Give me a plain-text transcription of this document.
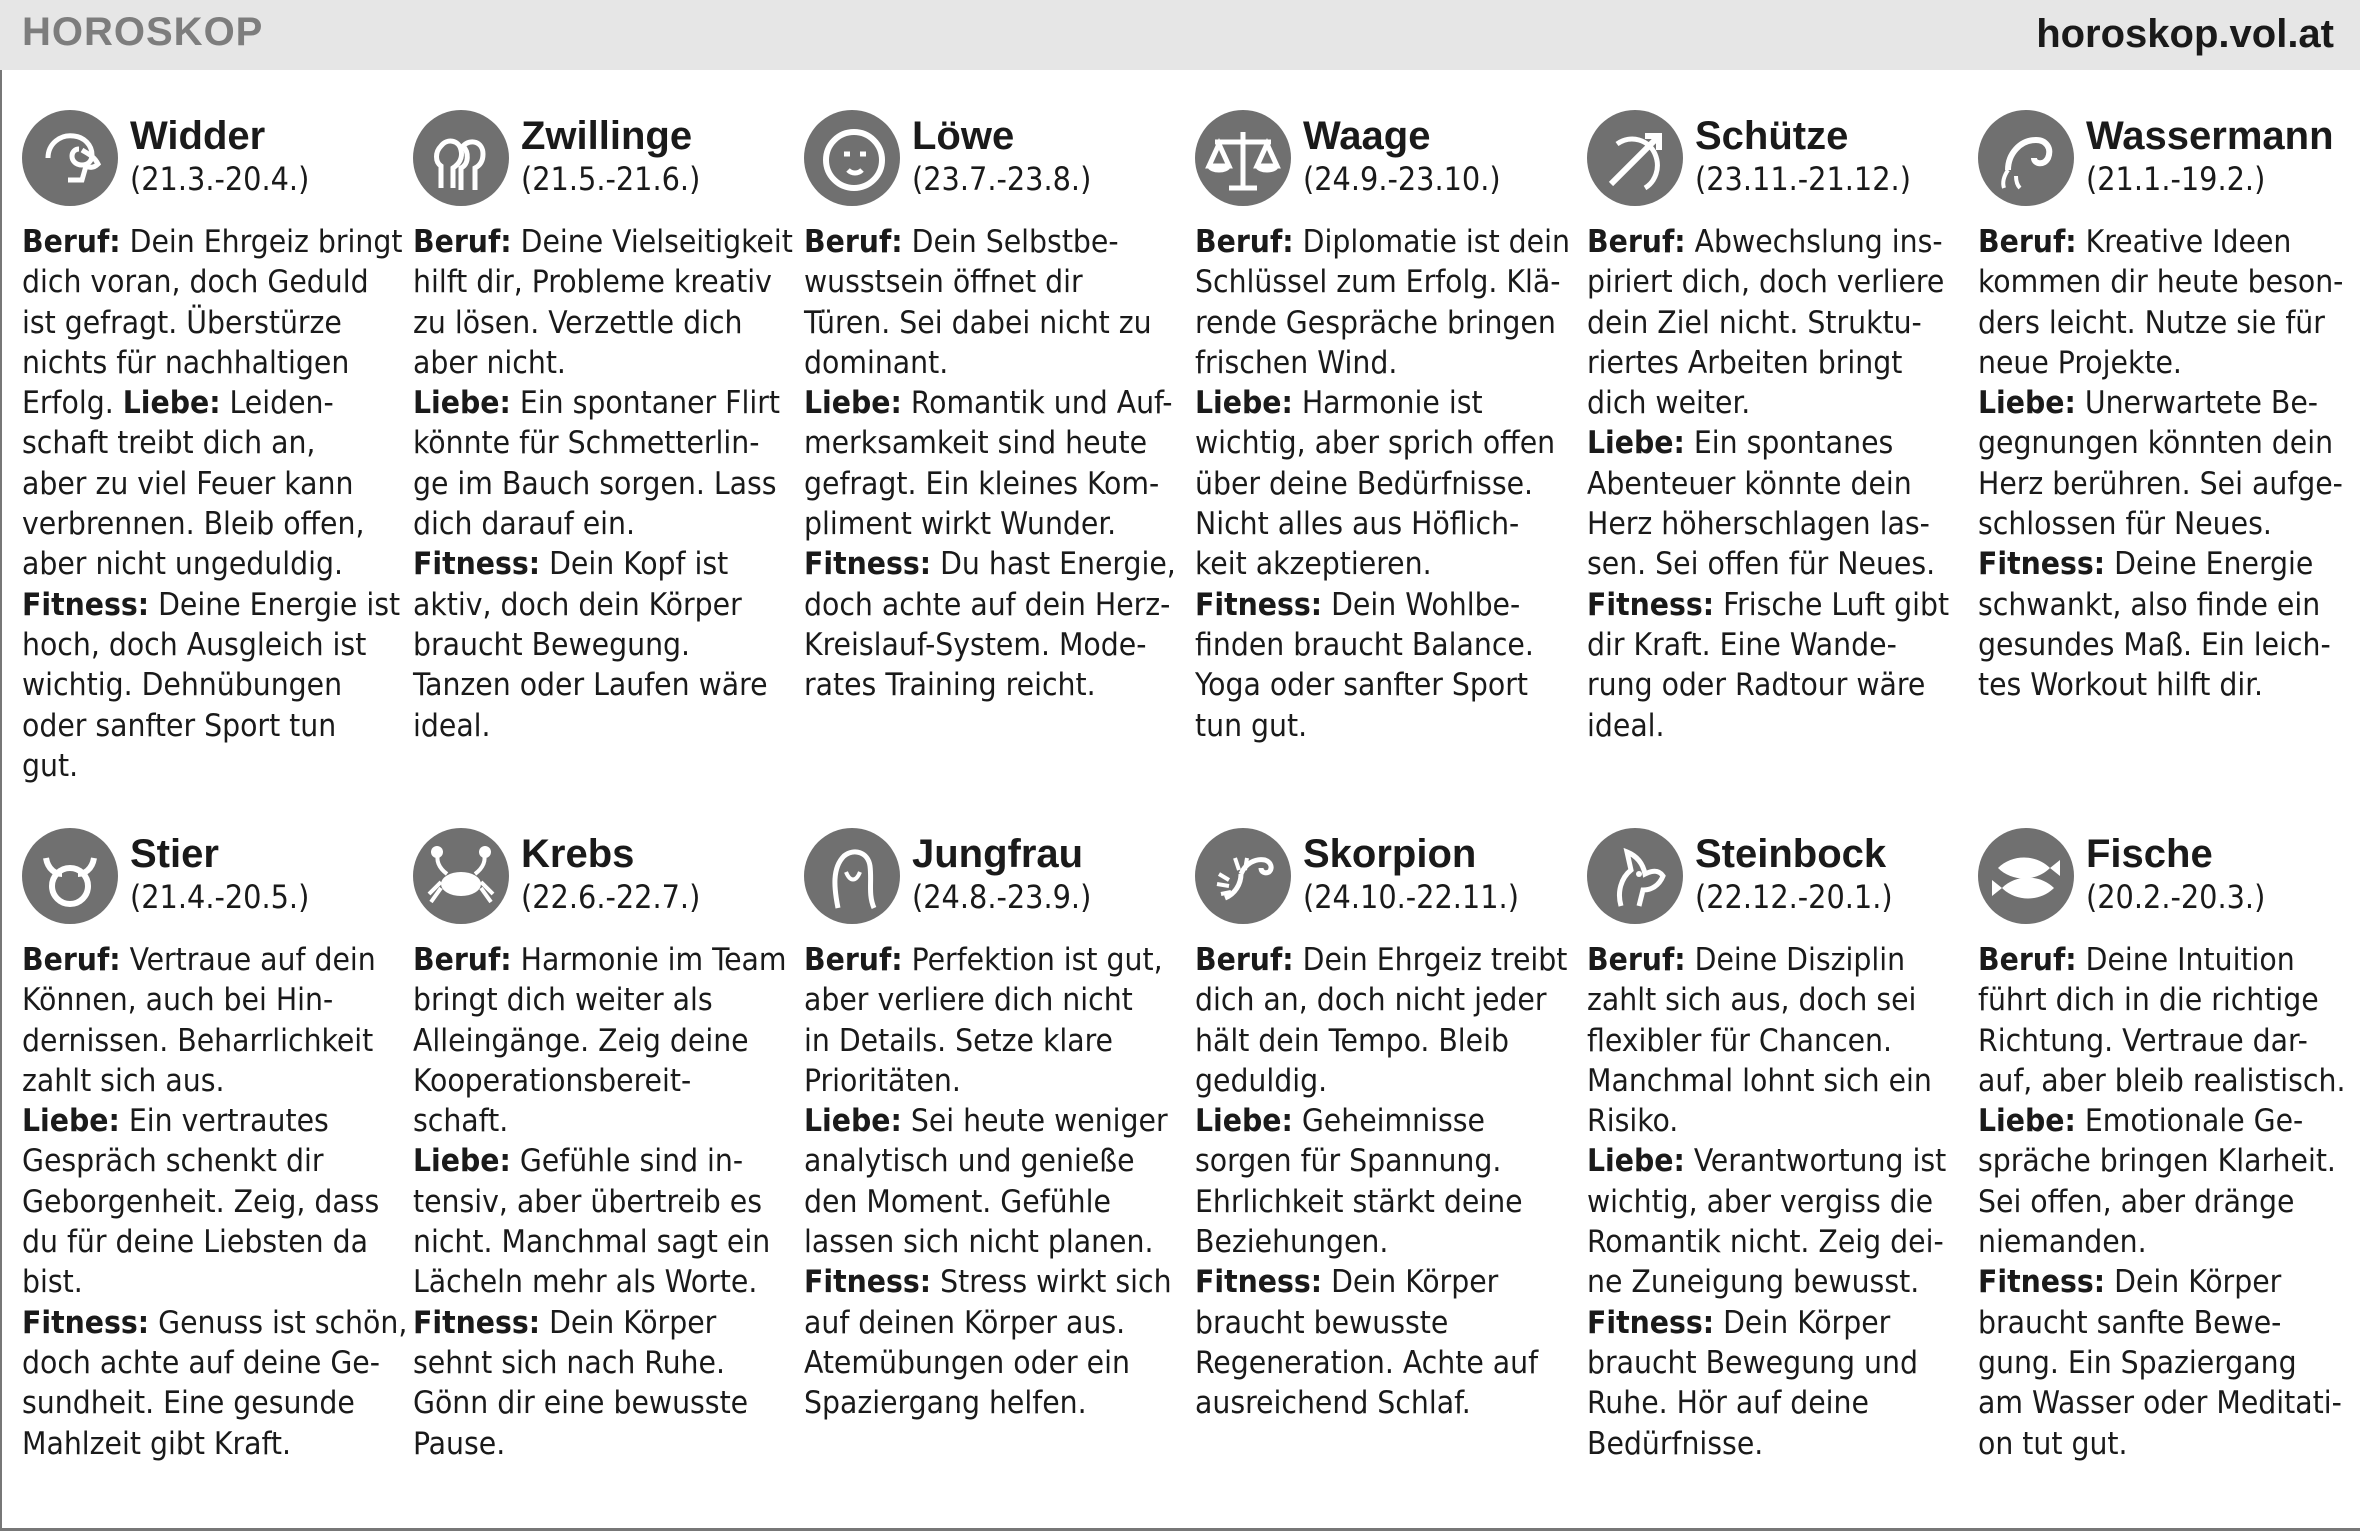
HOROSKOP	horoskop.vol.at
Widder
(21.3.-20.4.)
Beruf: Dein Ehrgeiz bringt
dich voran, doch Geduld
ist gefragt. Überstürze
nichts für nachhaltigen
Erfolg. Liebe: Leiden-
schaft treibt dich an,
aber zu viel Feuer kann
verbrennen. Bleib offen,
aber nicht ungeduldig.
Fitness: Deine Energie ist
hoch, doch Ausgleich ist
wichtig. Dehnübungen
oder sanfter Sport tun
gut.
Zwillinge
(21.5.-21.6.)
Beruf: Deine Vielseitigkeit
hilft dir, Probleme kreativ
zu lösen. Verzettle dich
aber nicht.
Liebe: Ein spontaner Flirt
könnte für Schmetterlin-
ge im Bauch sorgen. Lass
dich darauf ein.
Fitness: Dein Kopf ist
aktiv, doch dein Körper
braucht Bewegung.
Tanzen oder Laufen wäre
ideal.
Löwe
(23.7.-23.8.)
Beruf: Dein Selbstbe-
wusstsein öffnet dir
Türen. Sei dabei nicht zu
dominant.
Liebe: Romantik und Auf-
merksamkeit sind heute
gefragt. Ein kleines Kom-
pliment wirkt Wunder.
Fitness: Du hast Energie,
doch achte auf dein Herz-
Kreislauf-System. Mode-
rates Training reicht.
Waage
(24.9.-23.10.)
Beruf: Diplomatie ist dein
Schlüssel zum Erfolg. Klä-
rende Gespräche bringen
frischen Wind.
Liebe: Harmonie ist
wichtig, aber sprich offen
über deine Bedürfnisse.
Nicht alles aus Höflich-
keit akzeptieren.
Fitness: Dein Wohlbe-
finden braucht Balance.
Yoga oder sanfter Sport
tun gut.
Schütze
(23.11.-21.12.)
Beruf: Abwechslung ins-
piriert dich, doch verliere
dein Ziel nicht. Struktu-
riertes Arbeiten bringt
dich weiter.
Liebe: Ein spontanes
Abenteuer könnte dein
Herz höherschlagen las-
sen. Sei offen für Neues.
Fitness: Frische Luft gibt
dir Kraft. Eine Wande-
rung oder Radtour wäre
ideal.
Wassermann
(21.1.-19.2.)
Beruf: Kreative Ideen
kommen dir heute beson-
ders leicht. Nutze sie für
neue Projekte.
Liebe: Unerwartete Be-
gegnungen könnten dein
Herz berühren. Sei aufge-
schlossen für Neues.
Fitness: Deine Energie
schwankt, also finde ein
gesundes Maß. Ein leich-
tes Workout hilft dir.
Stier
(21.4.-20.5.)
Beruf: Vertraue auf dein
Können, auch bei Hin-
dernissen. Beharrlichkeit
zahlt sich aus.
Liebe: Ein vertrautes
Gespräch schenkt dir
Geborgenheit. Zeig, dass
du für deine Liebsten da
bist.
Fitness: Genuss ist schön,
doch achte auf deine Ge-
sundheit. Eine gesunde
Mahlzeit gibt Kraft.
Krebs
(22.6.-22.7.)
Beruf: Harmonie im Team
bringt dich weiter als
Alleingänge. Zeig deine
Kooperationsbereit-
schaft.
Liebe: Gefühle sind in-
tensiv, aber übertreib es
nicht. Manchmal sagt ein
Lächeln mehr als Worte.
Fitness: Dein Körper
sehnt sich nach Ruhe.
Gönn dir eine bewusste
Pause.
Jungfrau
(24.8.-23.9.)
Beruf: Perfektion ist gut,
aber verliere dich nicht
in Details. Setze klare
Prioritäten.
Liebe: Sei heute weniger
analytisch und genieße
den Moment. Gefühle
lassen sich nicht planen.
Fitness: Stress wirkt sich
auf deinen Körper aus.
Atemübungen oder ein
Spaziergang helfen.
Skorpion
(24.10.-22.11.)
Beruf: Dein Ehrgeiz treibt
dich an, doch nicht jeder
hält dein Tempo. Bleib
geduldig.
Liebe: Geheimnisse
sorgen für Spannung.
Ehrlichkeit stärkt deine
Beziehungen.
Fitness: Dein Körper
braucht bewusste
Regeneration. Achte auf
ausreichend Schlaf.
Steinbock
(22.12.-20.1.)
Beruf: Deine Disziplin
zahlt sich aus, doch sei
flexibler für Chancen.
Manchmal lohnt sich ein
Risiko.
Liebe: Verantwortung ist
wichtig, aber vergiss die
Romantik nicht. Zeig dei-
ne Zuneigung bewusst.
Fitness: Dein Körper
braucht Bewegung und
Ruhe. Hör auf deine
Bedürfnisse.
Fische
(20.2.-20.3.)
Beruf: Deine Intuition
führt dich in die richtige
Richtung. Vertraue dar-
auf, aber bleib realistisch.
Liebe: Emotionale Ge-
spräche bringen Klarheit.
Sei offen, aber dränge
niemanden.
Fitness: Dein Körper
braucht sanfte Bewe-
gung. Ein Spaziergang
am Wasser oder Meditati-
on tut gut.
